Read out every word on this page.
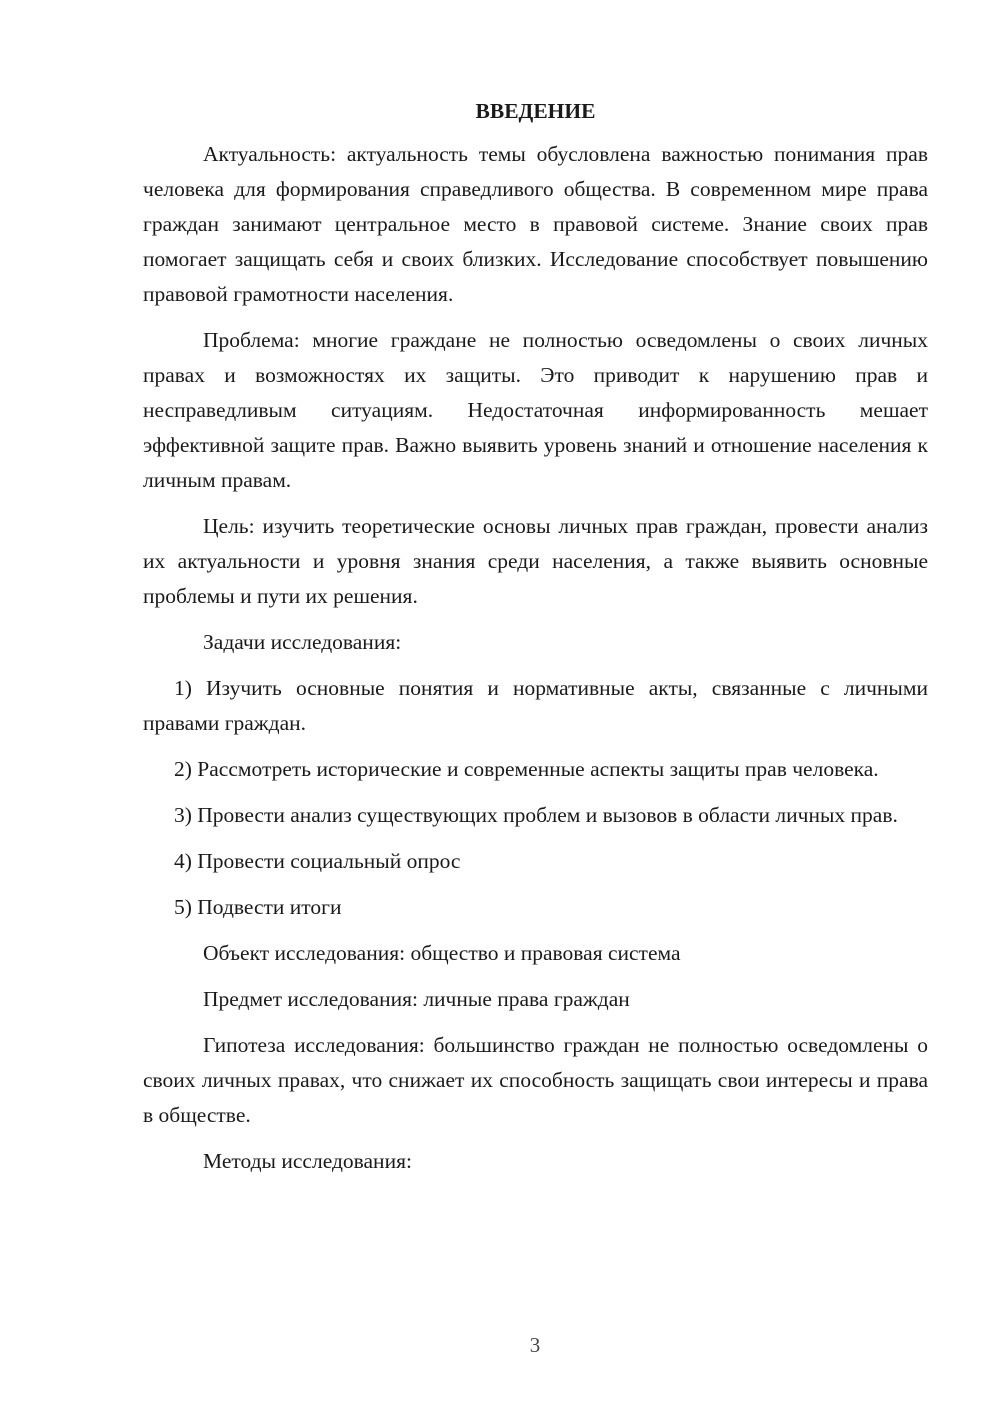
ВВЕДЕНИЕ

Актуальность: актуальность темы обусловлена важностью понимания прав человека для формирования справедливого общества. В современном мире права граждан занимают центральное место в правовой системе. Знание своих прав помогает защищать себя и своих близких. Исследование способствует повышению правовой грамотности населения.

Проблема: многие граждане не полностью осведомлены о своих личных правах и возможностях их защиты. Это приводит к нарушению прав и несправедливым ситуациям. Недостаточная информированность мешает эффективной защите прав. Важно выявить уровень знаний и отношение населения к личным правам.

Цель: изучить теоретические основы личных прав граждан, провести анализ их актуальности и уровня знания среди населения, а также выявить основные проблемы и пути их решения.

Задачи исследования:

1) Изучить основные понятия и нормативные акты, связанные с личными правами граждан.

2) Рассмотреть исторические и современные аспекты защиты прав человека.

3) Провести анализ существующих проблем и вызовов в области личных прав.

4) Провести социальный опрос

5) Подвести итоги

Объект исследования: общество и правовая система

Предмет исследования: личные права граждан

Гипотеза исследования: большинство граждан не полностью осведомлены о своих личных правах, что снижает их способность защищать свои интересы и права в обществе.

Методы исследования:

3
